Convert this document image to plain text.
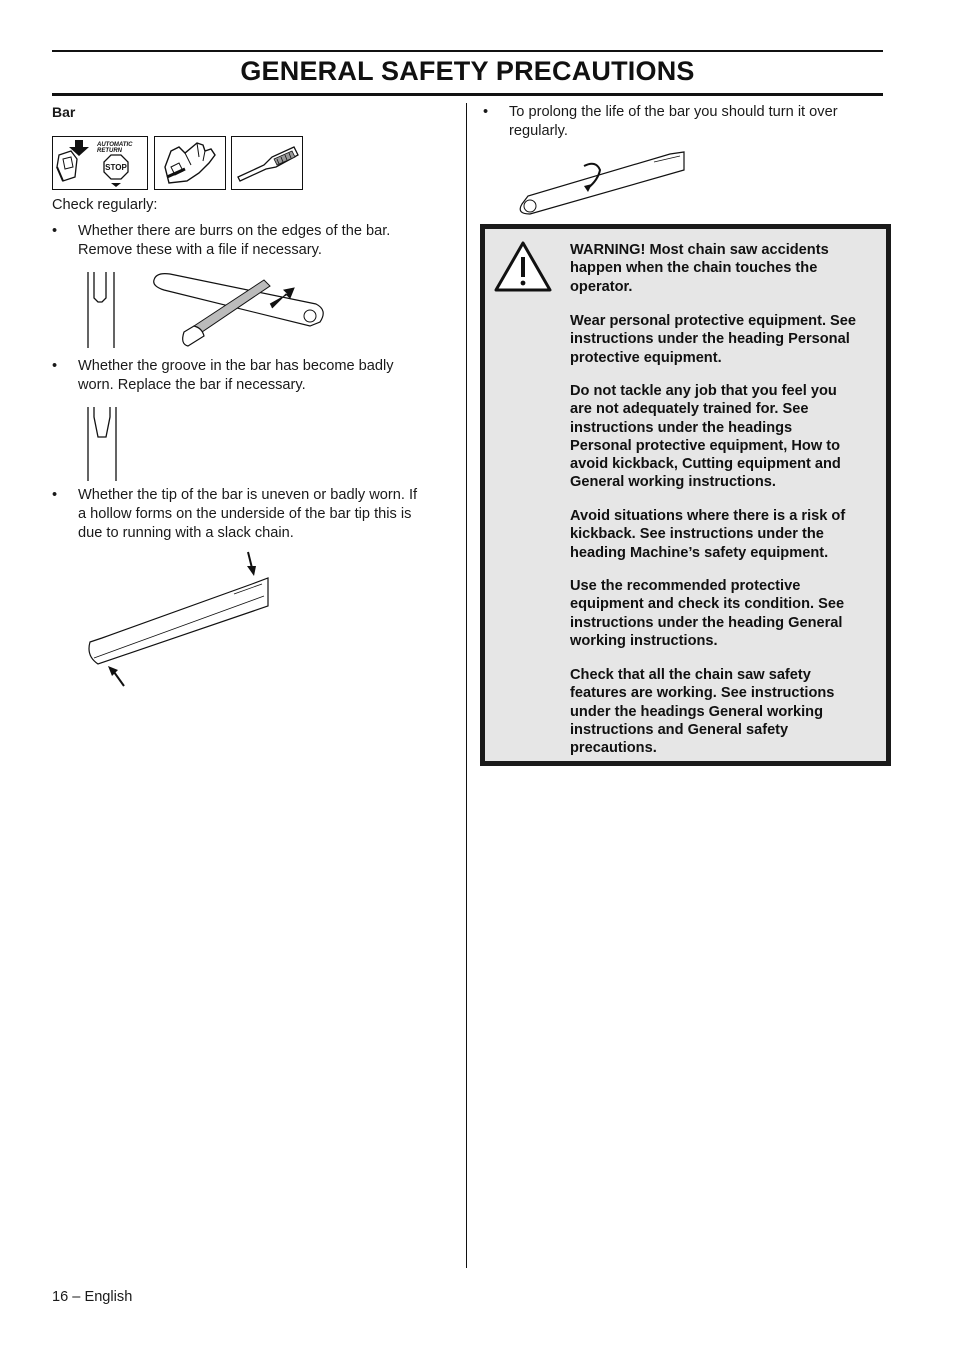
GENERAL SAFETY PRECAUTIONS
Bar
AUTOMATIC
RETURN
STOP
Check regularly:
• Whether there are burrs on the edges of the bar.
Remove these with a file if necessary.
• Whether the groove in the bar has become badly
worn. Replace the bar if necessary.
• Whether the tip of the bar is uneven or badly worn. If
a hollow forms on the underside of the bar tip this is
due to running with a slack chain.
• To prolong the life of the bar you should turn it over
regularly.
WARNING! Most chain saw accidents
happen when the chain touches the
operator.
Wear personal protective equipment. See
instructions under the heading Personal
protective equipment.
Do not tackle any job that you feel you
are not adequately trained for. See
instructions under the headings
Personal protective equipment, How to
avoid kickback, Cutting equipment and
General working instructions.
Avoid situations where there is a risk of
kickback. See instructions under the
heading Machine’s safety equipment.
Use the recommended protective
equipment and check its condition. See
instructions under the heading General
working instructions.
Check that all the chain saw safety
features are working. See instructions
under the headings General working
instructions and General safety
precautions.
16 – English
